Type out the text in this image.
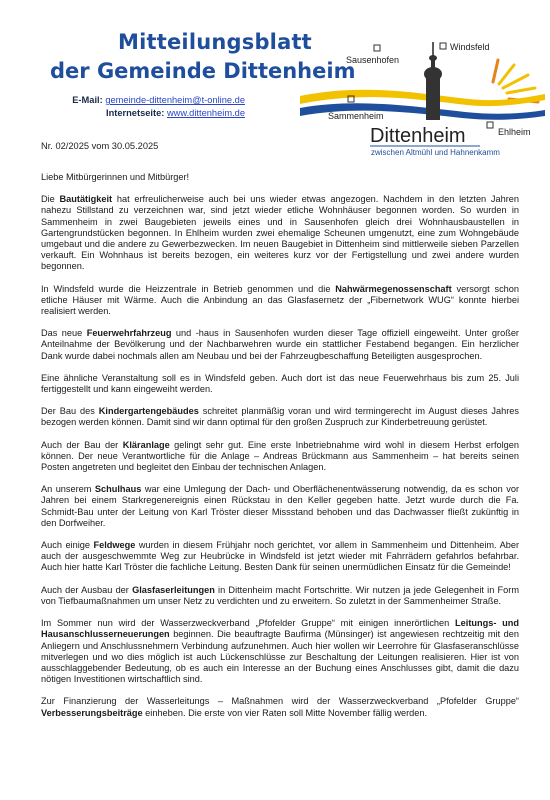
Mitteilungsblatt
der Gemeinde Dittenheim
E-Mail: gemeinde-dittenheim@t-online.de
Internetseite: www.dittenheim.de
Nr. 02/2025 vom 30.05.2025
Windsfeld
Sausenhofen
Sammenheim
Ehlheim
Dittenheim
zwischen Altmühl und Hahnenkamm

Liebe Mitbürgerinnen und Mitbürger!

Die Bautätigkeit hat erfreulicherweise auch bei uns wieder etwas angezogen. Nachdem in den letzten Jahren nahezu Stillstand zu verzeichnen war, sind jetzt wieder etliche Wohnhäuser begonnen worden. So wurden in Sammenheim in zwei Baugebieten jeweils eines und in Sausenhofen gleich drei Wohnhausbaustellen in Gartengrundstücken begonnen. In Ehlheim wurden zwei ehemalige Scheunen umgenutzt, eine zum Wohngebäude umgebaut und die andere zu Gewerbezwecken. Im neuen Baugebiet in Dittenheim sind mittlerweile sieben Parzellen verkauft. Ein Wohnhaus ist bereits bezogen, ein weiteres kurz vor der Fertigstellung und zwei andere wurden begonnen.

In Windsfeld wurde die Heizzentrale in Betrieb genommen und die Nahwärmegenossenschaft versorgt schon etliche Häuser mit Wärme. Auch die Anbindung an das Glasfasernetz der „Fibernetwork WUG“ konnte hierbei realisiert werden.

Das neue Feuerwehrfahrzeug und -haus in Sausenhofen wurden dieser Tage offiziell eingeweiht. Unter großer Anteilnahme der Bevölkerung und der Nachbarwehren wurde ein stattlicher Festabend begangen. Ein herzlicher Dank wurde dabei nochmals allen am Neubau und bei der Fahrzeugbeschaffung Beteiligten ausgesprochen.

Eine ähnliche Veranstaltung soll es in Windsfeld geben. Auch dort ist das neue Feuerwehrhaus bis zum 25. Juli fertiggestellt und kann eingeweiht werden.

Der Bau des Kindergartengebäudes schreitet planmäßig voran und wird termingerecht im August dieses Jahres bezogen werden können. Damit sind wir dann optimal für den großen Zuspruch zur Kinderbetreuung gerüstet.

Auch der Bau der Kläranlage gelingt sehr gut. Eine erste Inbetriebnahme wird wohl in diesem Herbst erfolgen können. Der neue Verantwortliche für die Anlage – Andreas Brückmann aus Sammenheim – hat bereits seinen Posten angetreten und begleitet den Einbau der technischen Anlagen.

An unserem Schulhaus war eine Umlegung der Dach- und Oberflächenentwässerung notwendig, da es schon vor Jahren bei einem Starkregenereignis einen Rückstau in den Keller gegeben hatte. Jetzt wurde durch die Fa. Schmidt-Bau unter der Leitung von Karl Tröster dieser Missstand behoben und das Dachwasser fließt zukünftig in den Dorfweiher.

Auch einige Feldwege wurden in diesem Frühjahr noch gerichtet, vor allem in Sammenheim und Dittenheim. Aber auch der ausgeschwemmte Weg zur Heubrücke in Windsfeld ist jetzt wieder mit Fahrrädern gefahrlos befahrbar. Auch hier hatte Karl Tröster die fachliche Leitung. Besten Dank für seinen unermüdlichen Einsatz für die Gemeinde!

Auch der Ausbau der Glasfaserleitungen in Dittenheim macht Fortschritte. Wir nutzen ja jede Gelegenheit in Form von Tiefbaumaßnahmen um unser Netz zu verdichten und zu erweitern. So zuletzt in der Sammenheimer Straße.

Im Sommer nun wird der Wasserzweckverband „Pfofelder Gruppe“ mit einigen innerörtlichen Leitungs- und Hausanschlusserneuerungen beginnen. Die beauftragte Baufirma (Münsinger) ist angewiesen rechtzeitig mit den Anliegern und Anschlussnehmern Verbindung aufzunehmen. Auch hier wollen wir Leerrohre für Glasfaseranschlüsse mitverlegen und wo dies möglich ist auch Lückenschlüsse zur Beschaltung der Leitungen realisieren. Hier ist von ausschlaggebender Bedeutung, ob es auch ein Interesse an der Buchung eines Anschlusses gibt, damit die dazu nötigen Investitionen wirtschaftlich sind.

Zur Finanzierung der Wasserleitungs – Maßnahmen wird der Wasserzweckverband „Pfofelder Gruppe“ Verbesserungsbeiträge einheben. Die erste von vier Raten soll Mitte November fällig werden.
